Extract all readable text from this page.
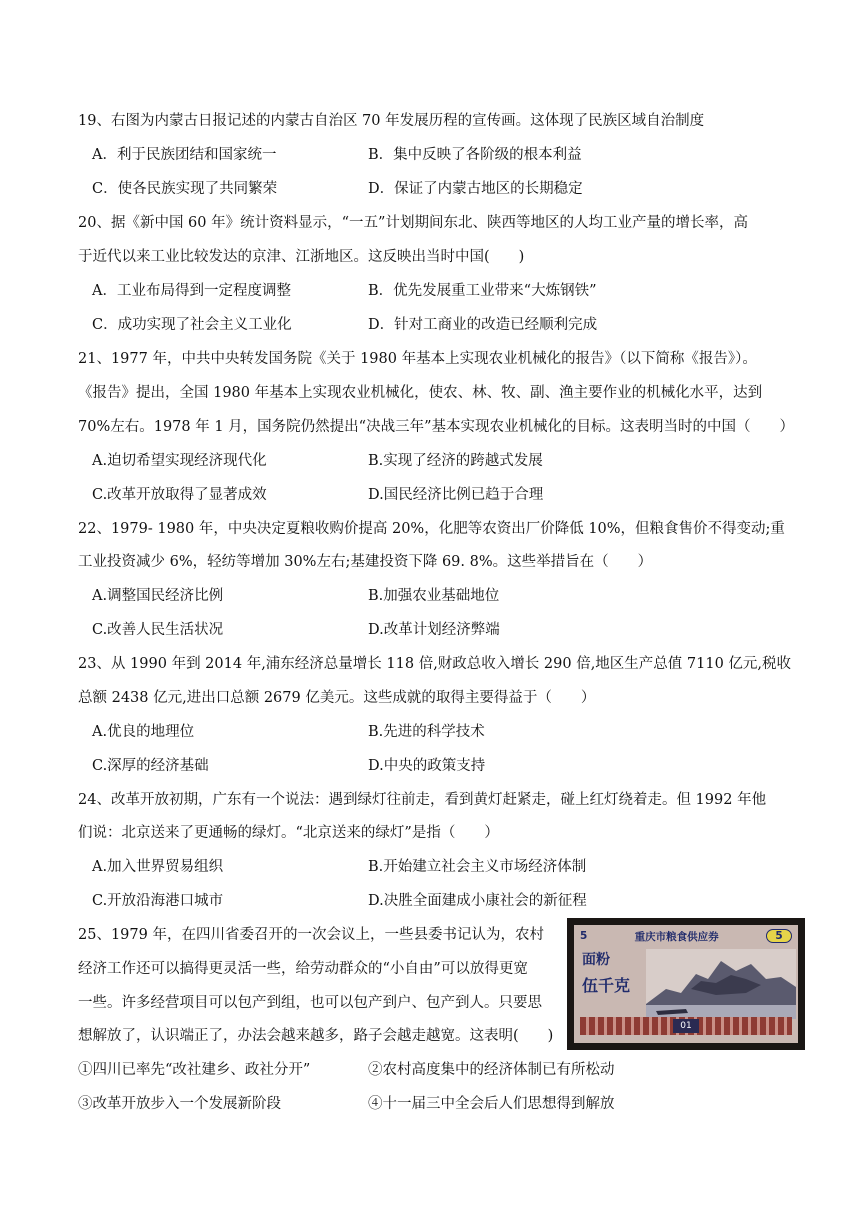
19、右图为内蒙古日报记述的内蒙古自治区 70 年发展历程的宣传画。这体现了民族区域自治制度
A．利于民族团结和国家统一	B．集中反映了各阶级的根本利益
C．使各民族实现了共同繁荣	D．保证了内蒙古地区的长期稳定
20、据《新中国 60 年》统计资料显示，“一五”计划期间东北、陕西等地区的人均工业产量的增长率，高
于近代以来工业比较发达的京津、江浙地区。这反映出当时中国(　　)
A．工业布局得到一定程度调整	B．优先发展重工业带来“大炼钢铁”
C．成功实现了社会主义工业化	D．针对工商业的改造已经顺利完成
21、1977 年，中共中央转发国务院《关于 1980 年基本上实现农业机械化的报告》（以下简称《报告》）。
《报告》提出，全国 1980 年基本上实现农业机械化，使农、林、牧、副、渔主要作业的机械化水平，达到
70%左右。1978 年 1 月，国务院仍然提出“决战三年”基本实现农业机械化的目标。这表明当时的中国（　　）
A.迫切希望实现经济现代化	B.实现了经济的跨越式发展
C.改革开放取得了显著成效	D.国民经济比例已趋于合理
22、1979- 1980 年，中央决定夏粮收购价提高 20%，化肥等农资出厂价降低 10%，但粮食售价不得变动;重
工业投资减少 6%，轻纺等增加 30%左右;基建投资下降 69. 8%。这些举措旨在（　　）
A.调整国民经济比例	B.加强农业基础地位
C.改善人民生活状况	D.改革计划经济弊端
23、从 1990 年到 2014 年,浦东经济总量增长 118 倍,财政总收入增长 290 倍,地区生产总值 7110 亿元,税收
总额 2438 亿元,进出口总额 2679 亿美元。这些成就的取得主要得益于（　　）
A.优良的地理位	B.先进的科学技术
C.深厚的经济基础	D.中央的政策支持
24、改革开放初期，广东有一个说法：遇到绿灯往前走，看到黄灯赶紧走，碰上红灯绕着走。但 1992 年他
们说：北京送来了更通畅的绿灯。“北京送来的绿灯”是指（　　）
A.加入世界贸易组织	B.开始建立社会主义市场经济体制
C.开放沿海港口城市	D.决胜全面建成小康社会的新征程
25、1979 年，在四川省委召开的一次会议上，一些县委书记认为，农村
经济工作还可以搞得更灵活一些，给劳动群众的“小自由”可以放得更宽
一些。许多经营项目可以包产到组，也可以包产到户、包产到人。只要思
想解放了，认识端正了，办法会越来越多，路子会越走越宽。这表明(　　)
①四川已率先“改社建乡、政社分开”	②农村高度集中的经济体制已有所松动
③改革开放步入一个发展新阶段	④十一届三中全会后人们思想得到解放
5	重庆市粮食供应券	5
面粉
伍千克
01
